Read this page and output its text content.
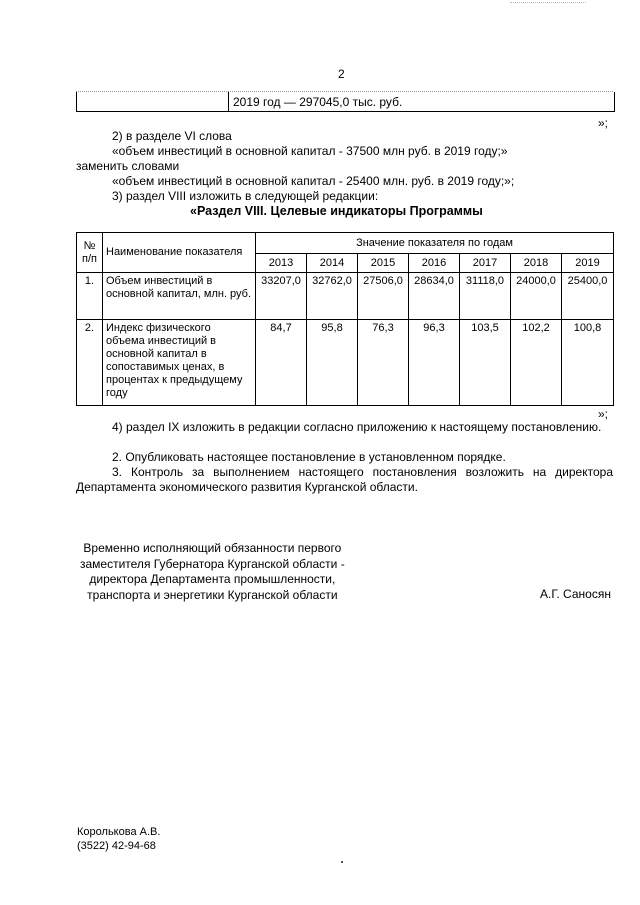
2
2019 год — 297045,0 тыс. руб.
»;
2) в разделе VI слова
«объем инвестиций в основной капитал - 37500 млн руб. в 2019 году;»
заменить словами
«объем инвестиций в основной капитал - 25400 млн. руб. в 2019 году;»;
3) раздел VIII изложить в следующей редакции:
«Раздел VIII. Целевые индикаторы Программы
№ п/п	Наименование показателя	Значение показателя по годам						
		2013	2014	2015	2016	2017	2018	2019
1.	Объем инвестиций в основной капитал, млн. руб.	33207,0	32762,0	27506,0	28634,0	31118,0	24000,0	25400,0
2.	Индекс физического объема инвестиций в основной капитал в сопоставимых ценах, в процентах к предыдущему году	84,7	95,8	76,3	96,3	103,5	102,2	100,8
»;
4) раздел IX изложить в редакции согласно приложению к настоящему постановлению.
2. Опубликовать настоящее постановление в установленном порядке.
3. Контроль за выполнением настоящего постановления возложить на директора Департамента экономического развития Курганской области.
Временно исполняющий обязанности первого
заместителя Губернатора Курганской области -
директора Департамента промышленности,
транспорта и энергетики Курганской области	А.Г. Саносян
Королькова А.В.
(3522) 42-94-68
